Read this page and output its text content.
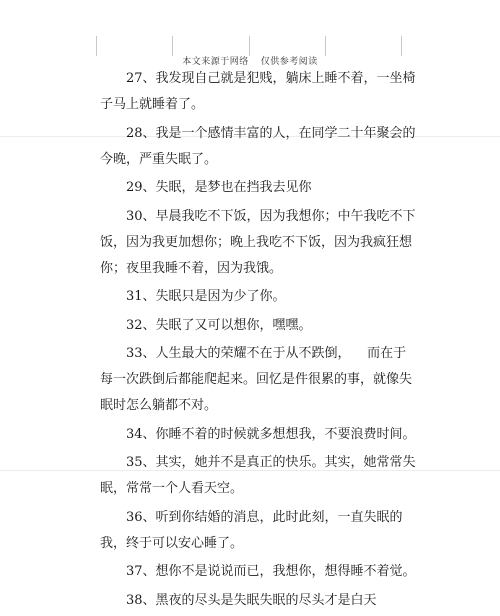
本文来源于网络 仅供参考阅读

27、我发现自己就是犯贱，躺床上睡不着，一坐椅子马上就睡着了。

28、我是一个感情丰富的人，在同学二十年聚会的今晚，严重失眠了。

29、失眠，是梦也在挡我去见你

30、早晨我吃不下饭，因为我想你；中午我吃不下饭，因为我更加想你；晚上我吃不下饭，因为我疯狂想你；夜里我睡不着，因为我饿。

31、失眠只是因为少了你。

32、失眠了又可以想你，嘿嘿。

33、人生最大的荣耀不在于从不跌倒，    而在于每一次跌倒后都能爬起来。回忆是件很累的事，就像失眠时怎么躺都不对。

34、你睡不着的时候就多想想我，不要浪费时间。

35、其实，她并不是真正的快乐。其实，她常常失眠，常常一个人看天空。

36、听到你结婚的消息，此时此刻，一直失眠的我，终于可以安心睡了。

37、想你不是说说而已，我想你，想得睡不着觉。

38、黑夜的尽头是失眠失眠的尽头才是白天
